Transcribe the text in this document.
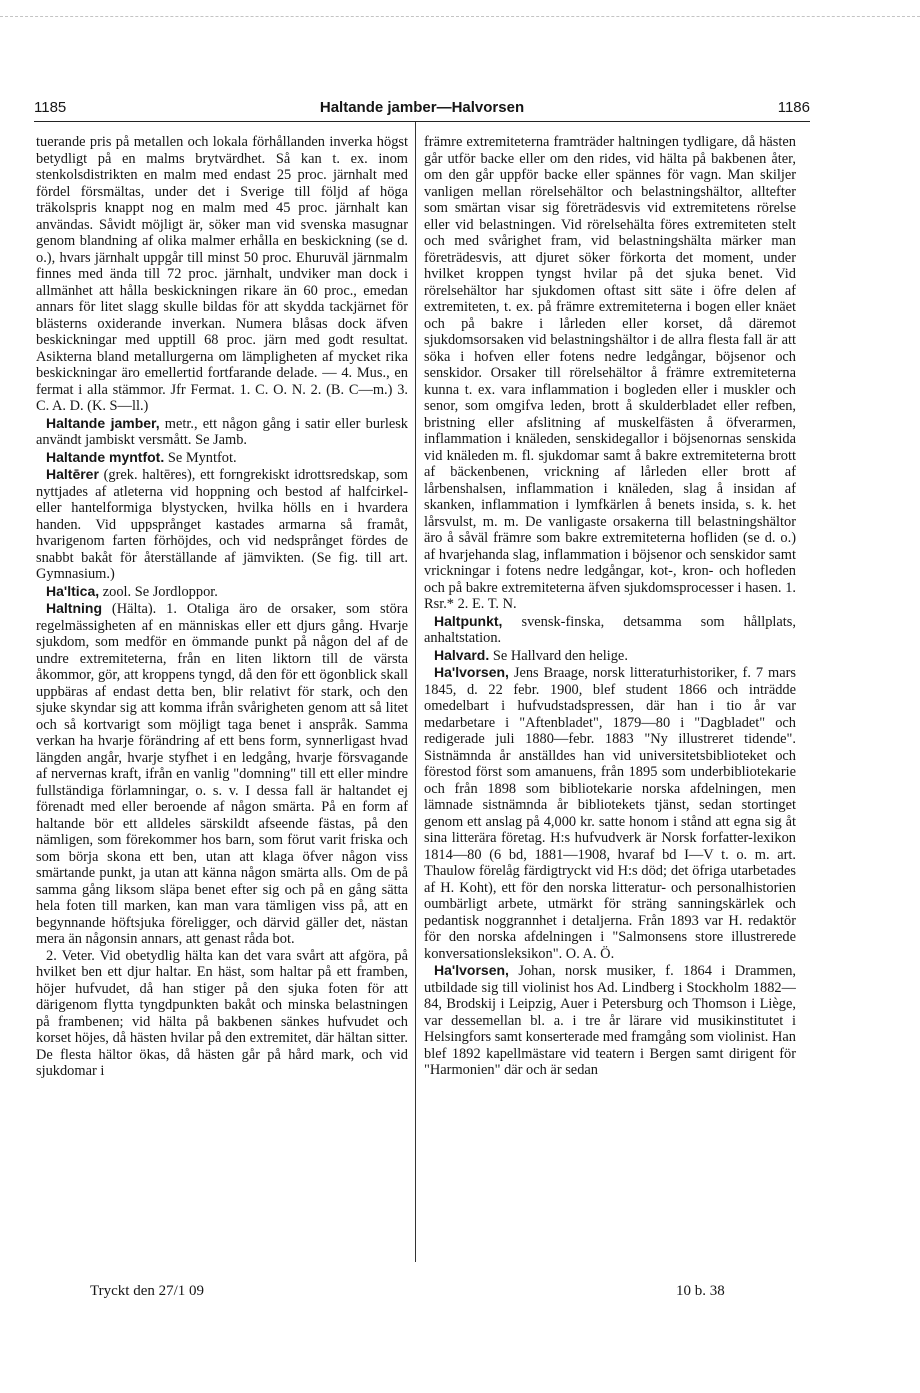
1185	Haltande jamber—Halvorsen	1186

tuerande pris på metallen och lokala förhållanden inverka högst betydligt på en malms brytvärdhet. Så kan t. ex. inom stenkolsdistrikten en malm med endast 25 proc. järnhalt med fördel försmältas, under det i Sverige till följd af höga träkolspris knappt nog en malm med 45 proc. järnhalt kan användas. Såvidt möjligt är, söker man vid svenska masugnar genom blandning af olika malmer erhålla en beskickning (se d. o.), hvars järnhalt uppgår till minst 50 proc. Ehuruväl järnmalm finnes med ända till 72 proc. järnhalt, undviker man dock i allmänhet att hålla beskickningen rikare än 60 proc., emedan annars för litet slagg skulle bildas för att skydda tackjärnet för blästerns oxiderande inverkan. Numera blåsas dock äfven beskickningar med upptill 68 proc. järn med godt resultat. Asikterna bland metallurgerna om lämpligheten af mycket rika beskickningar äro emellertid fortfarande delade. — 4. Mus., en fermat i alla stämmor. Jfr Fermat. 1. C. O. N. 2. (B. C—m.) 3. C. A. D. (K. S—ll.)

Haltande jamber, metr., ett någon gång i satir eller burlesk användt jambiskt versmått. Se Jamb.

Haltande myntfot. Se Myntfot.

Haltērer (grek. haltēres), ett forngrekiskt idrottsredskap, som nyttjades af atleterna vid hoppning och bestod af halfcirkel- eller hantelformiga blystycken, hvilka hölls en i hvardera handen. Vid uppsprånget kastades armarna så framåt, hvarigenom farten förhöjdes, och vid nedsprånget fördes de snabbt bakåt för återställande af jämvikten. (Se fig. till art. Gymnasium.)

Ha'ltica, zool. Se Jordloppor.

Haltning (Hälta). 1. Otaliga äro de orsaker, som störa regelmässigheten af en människas eller ett djurs gång. Hvarje sjukdom, som medför en ömmande punkt på någon del af de undre extremiteterna, från en liten liktorn till de värsta åkommor, gör, att kroppens tyngd, då den för ett ögonblick skall uppbäras af endast detta ben, blir relativt för stark, och den sjuke skyndar sig att komma ifrån svårigheten genom att så litet och så kortvarigt som möjligt taga benet i anspråk. Samma verkan ha hvarje förändring af ett bens form, synnerligast hvad längden angår, hvarje styfhet i en ledgång, hvarje försvagande af nervernas kraft, ifrån en vanlig "domning" till ett eller mindre fullständiga förlamningar, o. s. v. I dessa fall är haltandet ej förenadt med eller beroende af någon smärta. På en form af haltande bör ett alldeles särskildt afseende fästas, på den nämligen, som förekommer hos barn, som förut varit friska och som börja skona ett ben, utan att klaga öfver någon viss smärtande punkt, ja utan att känna någon smärta alls. Om de på samma gång liksom släpa benet efter sig och på en gång sätta hela foten till marken, kan man vara tämligen viss på, att en begynnande höftsjuka föreligger, och därvid gäller det, nästan mera än någonsin annars, att genast råda bot.

2. Veter. Vid obetydlig hälta kan det vara svårt att afgöra, på hvilket ben ett djur haltar. En häst, som haltar på ett framben, höjer hufvudet, då han stiger på den sjuka foten för att därigenom flytta tyngdpunkten bakåt och minska belastningen på frambenen; vid hälta på bakbenen sänkes hufvudet och korset höjes, då hästen hvilar på den extremitet, där hältan sitter. De flesta hältor ökas, då hästen går på hård mark, och vid sjukdomar i

främre extremiteterna framträder haltningen tydligare, då hästen går utför backe eller om den rides, vid hälta på bakbenen åter, om den går uppför backe eller spännes för vagn. Man skiljer vanligen mellan rörelsehältor och belastningshältor, alltefter som smärtan visar sig företrädesvis vid extremitetens rörelse eller vid belastningen. Vid rörelsehälta föres extremiteten stelt och med svårighet fram, vid belastningshälta märker man företrädesvis, att djuret söker förkorta det moment, under hvilket kroppen tyngst hvilar på det sjuka benet. Vid rörelsehältor har sjukdomen oftast sitt säte i öfre delen af extremiteten, t. ex. på främre extremiteterna i bogen eller knäet och på bakre i lårleden eller korset, då däremot sjukdomsorsaken vid belastningshältor i de allra flesta fall är att söka i hofven eller fotens nedre ledgångar, böjsenor och senskidor. Orsaker till rörelsehältor å främre extremiteterna kunna t. ex. vara inflammation i bogleden eller i muskler och senor, som omgifva leden, brott å skulderbladet eller refben, bristning eller afslitning af muskelfästen å öfverarmen, inflammation i knäleden, senskidegallor i böjsenornas senskida vid knäleden m. fl. sjukdomar samt å bakre extremiteterna brott af bäckenbenen, vrickning af lårleden eller brott af lårbenshalsen, inflammation i knäleden, slag å insidan af skanken, inflammation i lymfkärlen å benets insida, s. k. het lårsvulst, m. m. De vanligaste orsakerna till belastningshältor äro å såväl främre som bakre extremiteterna hofliden (se d. o.) af hvarjehanda slag, inflammation i böjsenor och senskidor samt vrickningar i fotens nedre ledgångar, kot-, kron- och hofleden och på bakre extremiteterna äfven sjukdomsprocesser i hasen. 1. Rsr.* 2. E. T. N.

Haltpunkt, svensk-finska, detsamma som hållplats, anhaltstation.

Halvard. Se Hallvard den helige.

Ha'lvorsen, Jens Braage, norsk litteraturhistoriker, f. 7 mars 1845, d. 22 febr. 1900, blef student 1866 och inträdde omedelbart i hufvudstadspressen, där han i tio år var medarbetare i "Aftenbladet", 1879—80 i "Dagbladet" och redigerade juli 1880—febr. 1883 "Ny illustreret tidende". Sistnämnda år anställdes han vid universitetsbiblioteket och förestod först som amanuens, från 1895 som underbibliotekarie och från 1898 som bibliotekarie norska afdelningen, men lämnade sistnämnda år bibliotekets tjänst, sedan stortinget genom ett anslag på 4,000 kr. satte honom i stånd att egna sig åt sina litterära företag. H:s hufvudverk är Norsk forfatter-lexikon 1814—80 (6 bd, 1881—1908, hvaraf bd I—V t. o. m. art. Thaulow förelåg färdigtryckt vid H:s död; det öfriga utarbetades af H. Koht), ett för den norska litteratur- och personalhistorien oumbärligt arbete, utmärkt för sträng sanningskärlek och pedantisk noggrannhet i detaljerna. Från 1893 var H. redaktör för den norska afdelningen i "Salmonsens store illustrerede konversationsleksikon". O. A. Ö.

Ha'lvorsen, Johan, norsk musiker, f. 1864 i Drammen, utbildade sig till violinist hos Ad. Lindberg i Stockholm 1882—84, Brodskij i Leipzig, Auer i Petersburg och Thomson i Liège, var dessemellan bl. a. i tre år lärare vid musikinstitutet i Helsingfors samt konserterade med framgång som violinist. Han blef 1892 kapellmästare vid teatern i Bergen samt dirigent för "Harmonien" där och är sedan

Tryckt den 27/1 09	10 b. 38
